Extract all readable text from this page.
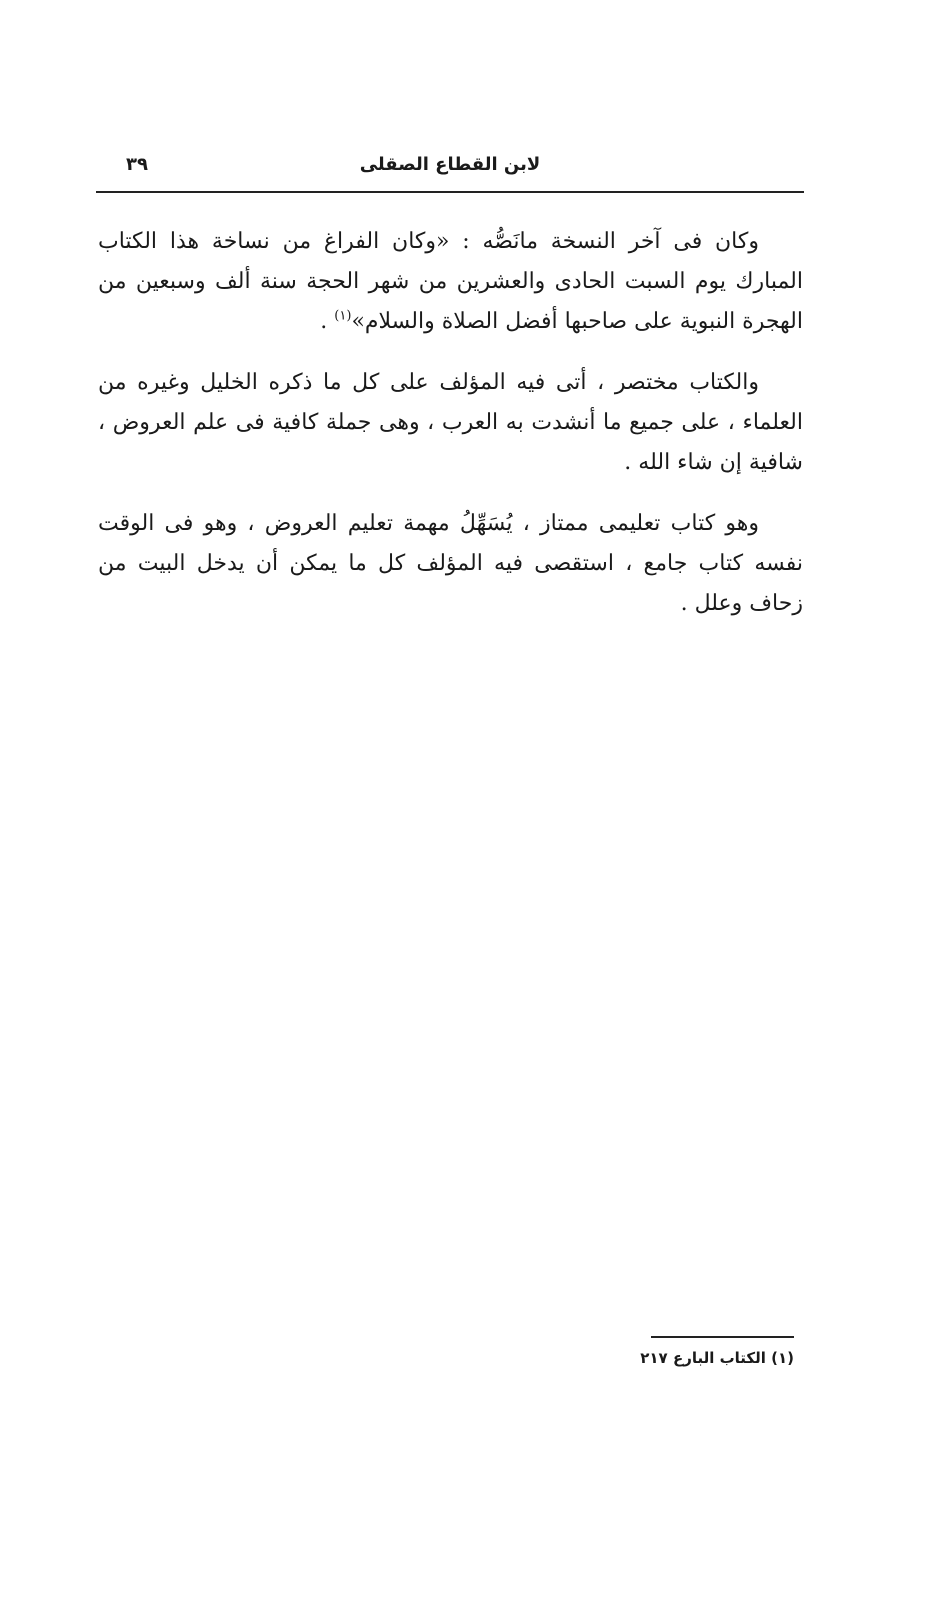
لابن القطاع الصقلى
٣٩

وكان فى آخر النسخة مانَصُّه : «وكان الفراغ من نساخة هذا الكتاب المبارك يوم السبت الحادى والعشرين من شهر الحجة سنة ألف وسبعين من الهجرة النبوية على صاحبها أفضل الصلاة والسلام»$^{(١)}$ .

والكتاب مختصر ، أتى فيه المؤلف على كل ما ذكره الخليل وغيره من العلماء ، على جميع ما أنشدت به العرب ، وهى جملة كافية فى علم العروض ، شافية إن شاء الله .

وهو كتاب تعليمى ممتاز ، يُسَهِّلُ مهمة تعليم العروض ، وهو فى الوقت نفسه كتاب جامع ، استقصى فيه المؤلف كل ما يمكن أن يدخل البيت من زحاف وعلل .

(١) الكتاب البارع ٢١٧
